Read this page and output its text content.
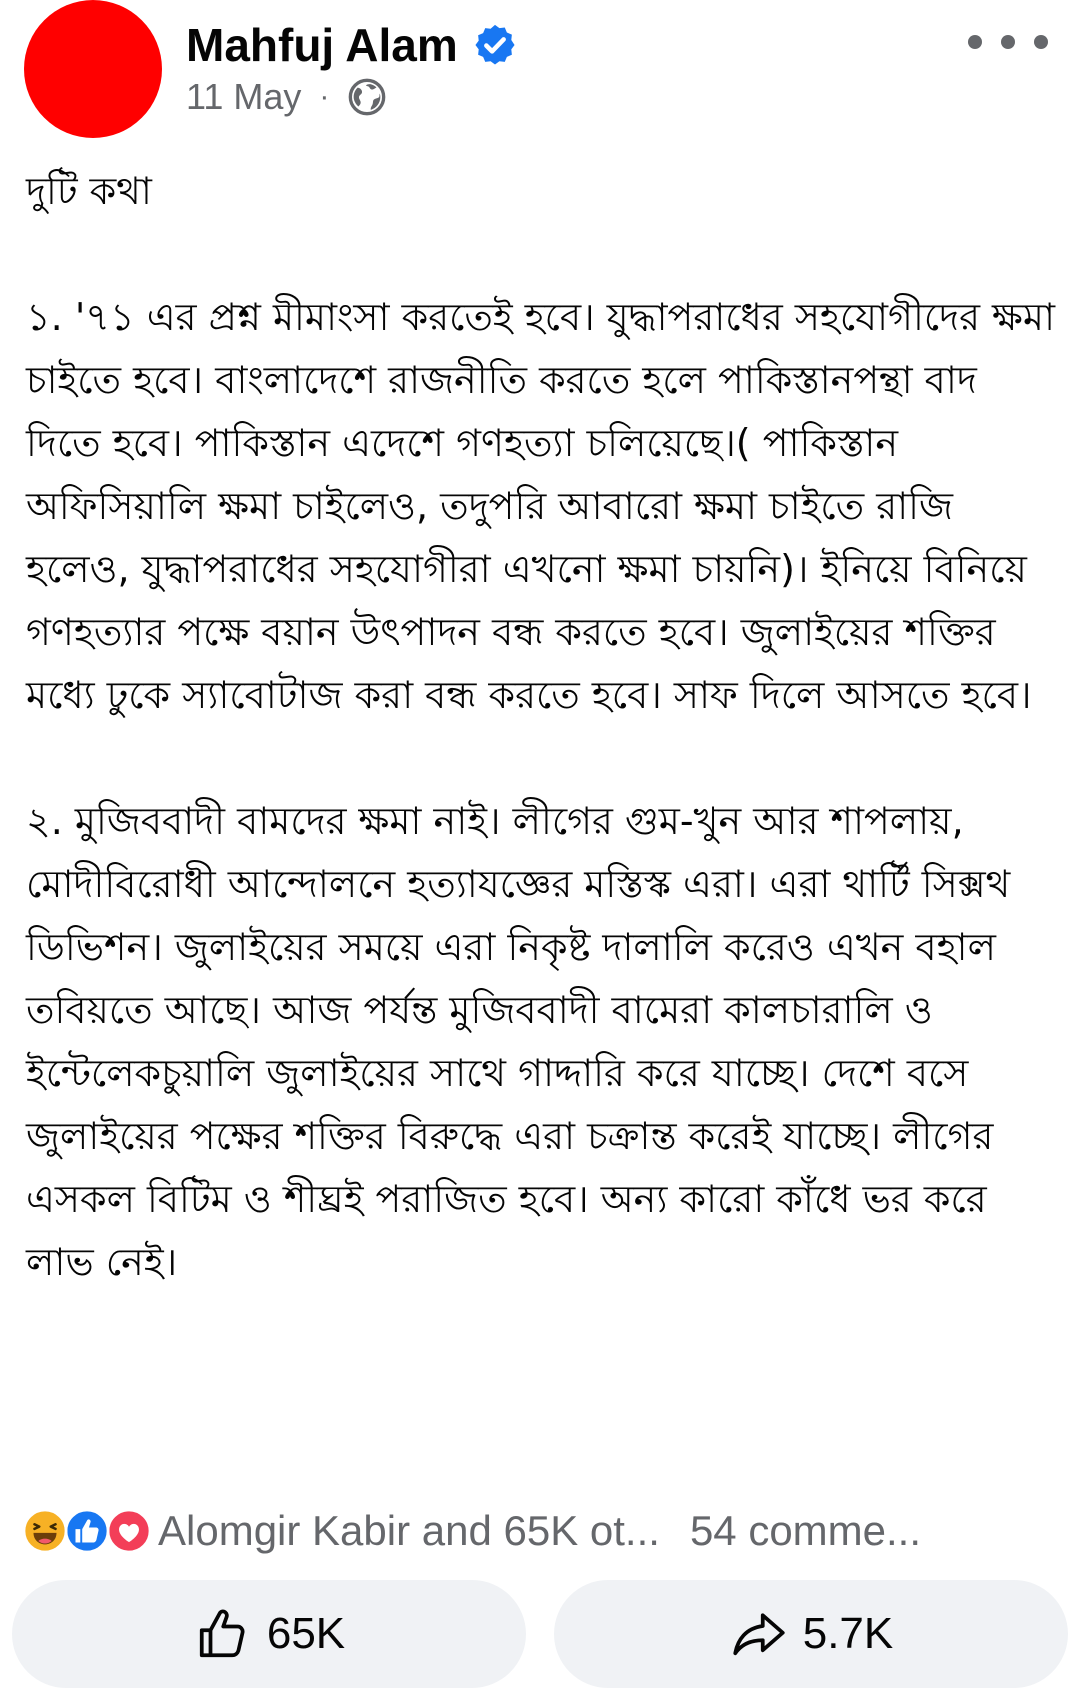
Mahfuj Alam
11 May ·

দুটি কথা

১. '৭১ এর প্রশ্ন মীমাংসা করতেই হবে। যুদ্ধাপরাধের সহযোগীদের ক্ষমা চাইতে হবে। বাংলাদেশে রাজনীতি করতে হলে পাকিস্তানপন্থা বাদ দিতে হবে। পাকিস্তান এদেশে গণহত্যা চলিয়েছে।( পাকিস্তান অফিসিয়ালি ক্ষমা চাইলেও, তদুপরি আবারো ক্ষমা চাইতে রাজি হলেও, যুদ্ধাপরাধের সহযোগীরা এখনো ক্ষমা চায়নি)। ইনিয়ে বিনিয়ে গণহত্যার পক্ষে বয়ান উৎপাদন বন্ধ করতে হবে। জুলাইয়ের শক্তির মধ্যে ঢুকে স্যাবোটাজ করা বন্ধ করতে হবে। সাফ দিলে আসতে হবে।

২. মুজিববাদী বামদের ক্ষমা নাই। লীগের গুম-খুন আর শাপলায়, মোদীবিরোধী আন্দোলনে হত্যাযজ্ঞের মস্তিস্ক এরা। এরা থার্টি সিক্সথ ডিভিশন। জুলাইয়ের সময়ে এরা নিকৃষ্ট দালালি করেও এখন বহাল তবিয়তে আছে। আজ পর্যন্ত মুজিববাদী বামেরা কালচারালি ও ইন্টেলেকচুয়ালি জুলাইয়ের সাথে গাদ্দারি করে যাচ্ছে। দেশে বসে জুলাইয়ের পক্ষের শক্তির বিরুদ্ধে এরা চক্রান্ত করেই যাচ্ছে। লীগের এসকল বিটিম ও শীঘ্রই পরাজিত হবে। অন্য কারো কাঁধে ভর করে লাভ নেই।

Alomgir Kabir and 65K ot... 54 comme...
65K	5.7K
